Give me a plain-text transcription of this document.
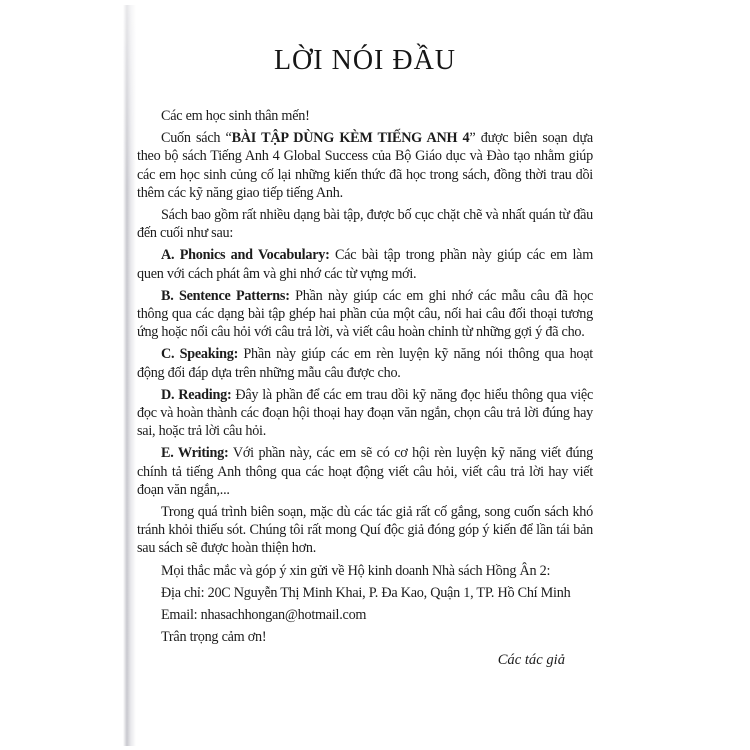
LỜI NÓI ĐẦU

Các em học sinh thân mến!

Cuốn sách “BÀI TẬP DÙNG KÈM TIẾNG ANH 4” được biên soạn dựa theo bộ sách Tiếng Anh 4 Global Success của Bộ Giáo dục và Đào tạo nhằm giúp các em học sinh củng cố lại những kiến thức đã học trong sách, đồng thời trau dồi thêm các kỹ năng giao tiếp tiếng Anh.

Sách bao gồm rất nhiều dạng bài tập, được bố cục chặt chẽ và nhất quán từ đầu đến cuối như sau:

A. Phonics and Vocabulary: Các bài tập trong phần này giúp các em làm quen với cách phát âm và ghi nhớ các từ vựng mới.

B. Sentence Patterns: Phần này giúp các em ghi nhớ các mẫu câu đã học thông qua các dạng bài tập ghép hai phần của một câu, nối hai câu đối thoại tương ứng hoặc nối câu hỏi với câu trả lời, và viết câu hoàn chỉnh từ những gợi ý đã cho.

C. Speaking: Phần này giúp các em rèn luyện kỹ năng nói thông qua hoạt động đối đáp dựa trên những mẫu câu được cho.

D. Reading: Đây là phần để các em trau dồi kỹ năng đọc hiểu thông qua việc đọc và hoàn thành các đoạn hội thoại hay đoạn văn ngắn, chọn câu trả lời đúng hay sai, hoặc trả lời câu hỏi.

E. Writing: Với phần này, các em sẽ có cơ hội rèn luyện kỹ năng viết đúng chính tả tiếng Anh thông qua các hoạt động viết câu hỏi, viết câu trả lời hay viết đoạn văn ngắn,...

Trong quá trình biên soạn, mặc dù các tác giả rất cố gắng, song cuốn sách khó tránh khỏi thiếu sót. Chúng tôi rất mong Quí độc giả đóng góp ý kiến để lần tái bản sau sách sẽ được hoàn thiện hơn.

Mọi thắc mắc và góp ý xin gửi về Hộ kinh doanh Nhà sách Hồng Ân 2:

Địa chỉ: 20C Nguyễn Thị Minh Khai, P. Đa Kao, Quận 1, TP. Hồ Chí Minh

Email: nhasachhongan@hotmail.com

Trân trọng cảm ơn!

Các tác giả
